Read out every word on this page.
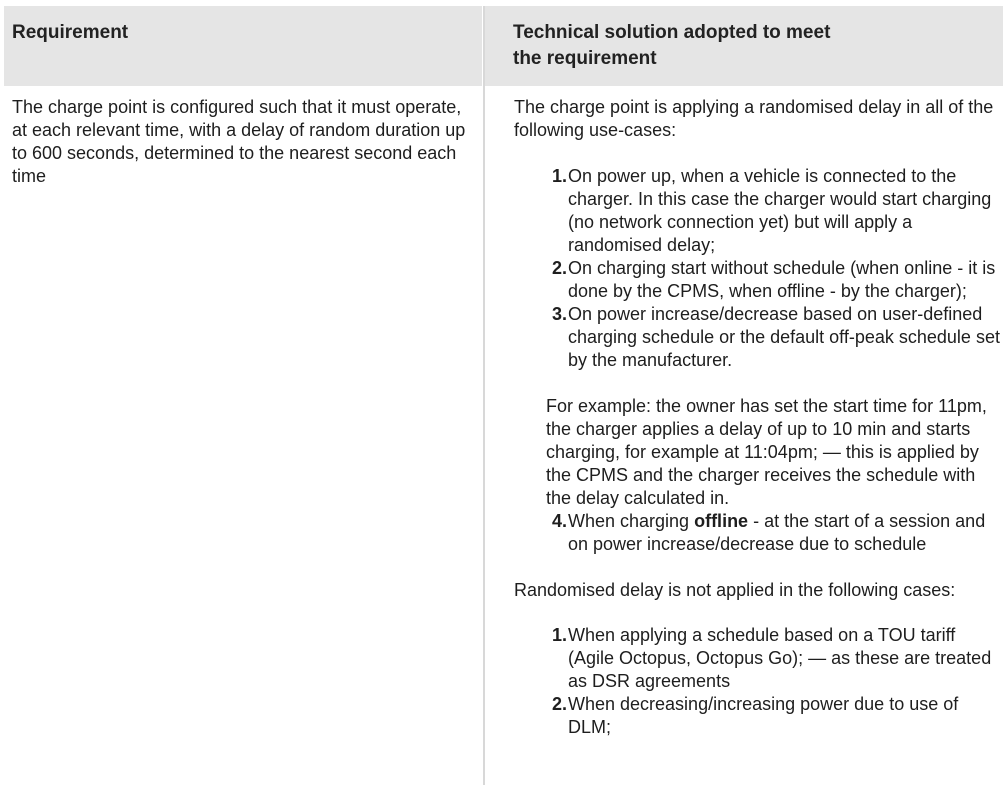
Requirement	Technical solution adopted to meet
the requirement

The charge point is configured such that it must operate, at each relevant time, with a delay of random duration up to 600 seconds, determined to the nearest second each time

The charge point is applying a randomised delay in all of the following use-cases:

1. On power up, when a vehicle is connected to the charger. In this case the charger would start charging (no network connection yet) but will apply a randomised delay;
2. On charging start without schedule (when online - it is done by the CPMS, when offline - by the charger);
3. On power increase/decrease based on user-defined charging schedule or the default off-peak schedule set by the manufacturer.

For example: the owner has set the start time for 11pm, the charger applies a delay of up to 10 min and starts charging, for example at 11:04pm; — this is applied by the CPMS and the charger receives the schedule with the delay calculated in.

4. When charging offline - at the start of a session and on power increase/decrease due to schedule

Randomised delay is not applied in the following cases:

1. When applying a schedule based on a TOU tariff (Agile Octopus, Octopus Go); — as these are treated as DSR agreements
2. When decreasing/increasing power due to use of DLM;
